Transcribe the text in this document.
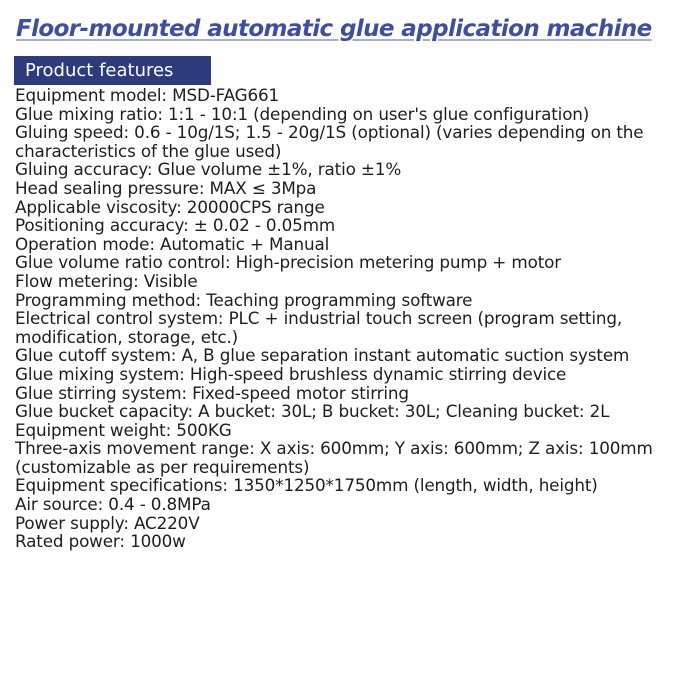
Floor-mounted automatic glue application machine
Product features
Equipment model: MSD-FAG661
Glue mixing ratio: 1:1 - 10:1 (depending on user's glue configuration)
Gluing speed: 0.6 - 10g/1S; 1.5 - 20g/1S (optional) (varies depending on the characteristics of the glue used)
Gluing accuracy: Glue volume ±1%, ratio ±1%
Head sealing pressure: MAX ≤ 3Mpa
Applicable viscosity: 20000CPS range
Positioning accuracy: ± 0.02 - 0.05mm
Operation mode: Automatic + Manual
Glue volume ratio control: High-precision metering pump + motor
Flow metering: Visible
Programming method: Teaching programming software
Electrical control system: PLC + industrial touch screen (program setting, modification, storage, etc.)
Glue cutoff system: A, B glue separation instant automatic suction system
Glue mixing system: High-speed brushless dynamic stirring device
Glue stirring system: Fixed-speed motor stirring
Glue bucket capacity: A bucket: 30L; B bucket: 30L; Cleaning bucket: 2L
Equipment weight: 500KG
Three-axis movement range: X axis: 600mm; Y axis: 600mm; Z axis: 100mm (customizable as per requirements)
Equipment specifications: 1350*1250*1750mm (length, width, height)
Air source: 0.4 - 0.8MPa
Power supply: AC220V
Rated power: 1000w
